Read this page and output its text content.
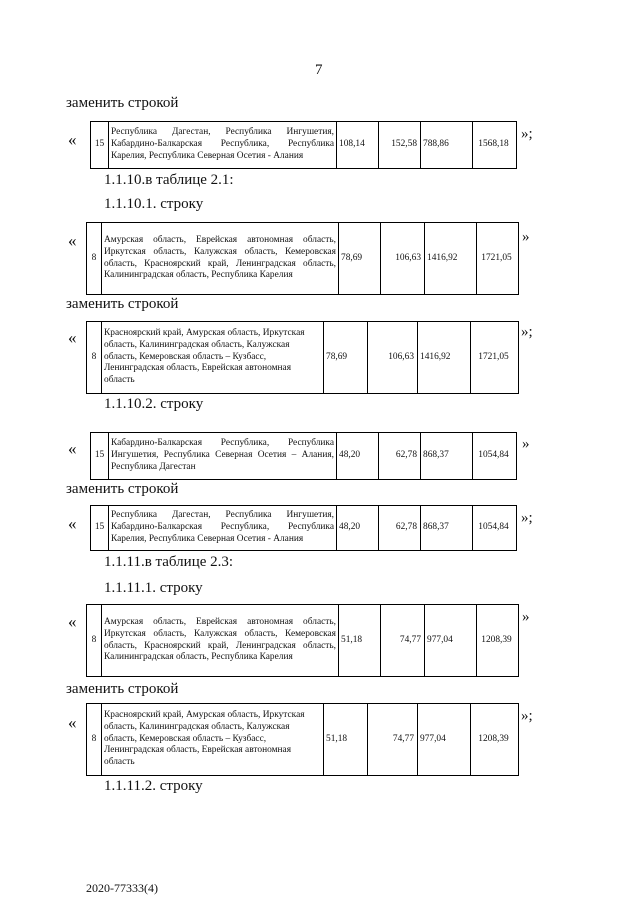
7
заменить строкой
« 15	Республика Дагестан, Республика Ингушетия, Кабардино-Балкарская Республика, Республика Карелия, Республика Северная Осетия - Алания	108,14	152,58	788,86	1568,18
»;
1.1.10.в таблице 2.1:
1.1.10.1. строку
«
8	Амурская область, Еврейская автономная область, Иркутская область, Калужская область, Кемеровская область, Красноярский край, Ленинградская область, Калининградская область, Республика Карелия	78,69	106,63	1416,92	1721,05
»
заменить строкой
«
8	Красноярский край, Амурская область, Иркутская область, Калининградская область, Калужская область, Кемеровская область – Кузбасс, Ленинградская область, Еврейская автономная область	78,69	106,63	1416,92	1721,05
»;
1.1.10.2. строку
« 15	Кабардино-Балкарская Республика, Республика Ингушетия, Республика Северная Осетия – Алания, Республика Дагестан	48,20	62,78	868,37	1054,84
»
заменить строкой
« 15	Республика Дагестан, Республика Ингушетия, Кабардино-Балкарская Республика, Республика Карелия, Республика Северная Осетия - Алания	48,20	62,78	868,37	1054,84
»;
1.1.11.в таблице 2.3:
1.1.11.1. строку
«
8	Амурская область, Еврейская автономная область, Иркутская область, Калужская область, Кемеровская область, Красноярский край, Ленинградская область, Калининградская область, Республика Карелия	51,18	74,77	977,04	1208,39
»
заменить строкой
«
8	Красноярский край, Амурская область, Иркутская область, Калининградская область, Калужская область, Кемеровская область – Кузбасс, Ленинградская область, Еврейская автономная область	51,18	74,77	977,04	1208,39
»;
1.1.11.2. строку
2020-77333(4)
